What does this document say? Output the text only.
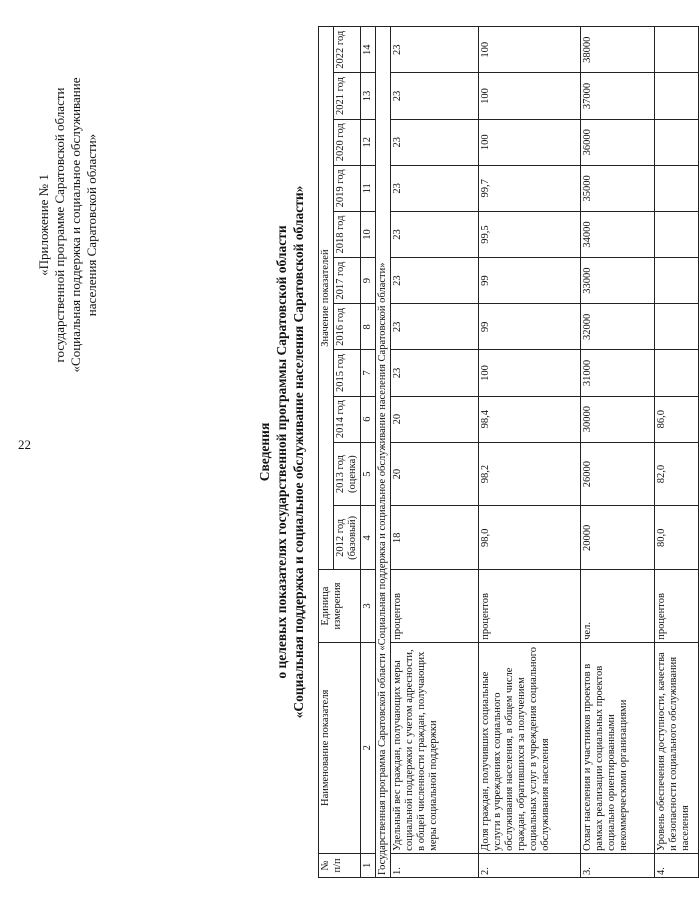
22
«Приложение № 1 государственной программе Саратовской области «Социальная поддержка и социальное обслуживание населения Саратовской области»
Сведения о целевых показателях государственной программы Саратовской области «Социальная поддержка и социальное обслуживание населения Саратовской области»
№ п/п	Наименование показателя	Единица измерения	Значение показателей										
			2012 год (базовый)	2013 год (оценка)	2014 год	2015 год	2016 год	2017 год	2018 год	2019 год	2020 год	2021 год	2022 год
1	2	3	4	5	6	7	8	9	10	11	12	13	14
Государственная программа Саратовской области «Социальная поддержка и социальное обслуживание населения Саратовской области»													
1.	Удельный вес граждан, получающих меры социальной поддержки с учетом адресности, в общей численности граждан, получающих меры социальной поддержки	процентов	18	20	20	23	23	23	23	23	23	23	23
2.	Доля граждан, получивших социальные услуги в учреждениях социального обслуживания населения, в общем числе граждан, обратившихся за получением социальных услуг в учреждения социального обслуживания населения	процентов	98,0	98,2	98,4	100	99	99	99,5	99,7	100	100	100
3.	Охват населения и участников проектов в рамках реализации социальных проектов социально ориентированными некоммерческими организациями	чел.	20000	26000	30000	31000	32000	33000	34000	35000	36000	37000	38000
4.	Уровень обеспечения доступности, качества и безопасности социального обслуживания населения	процентов	80,0	82,0	86,0								
